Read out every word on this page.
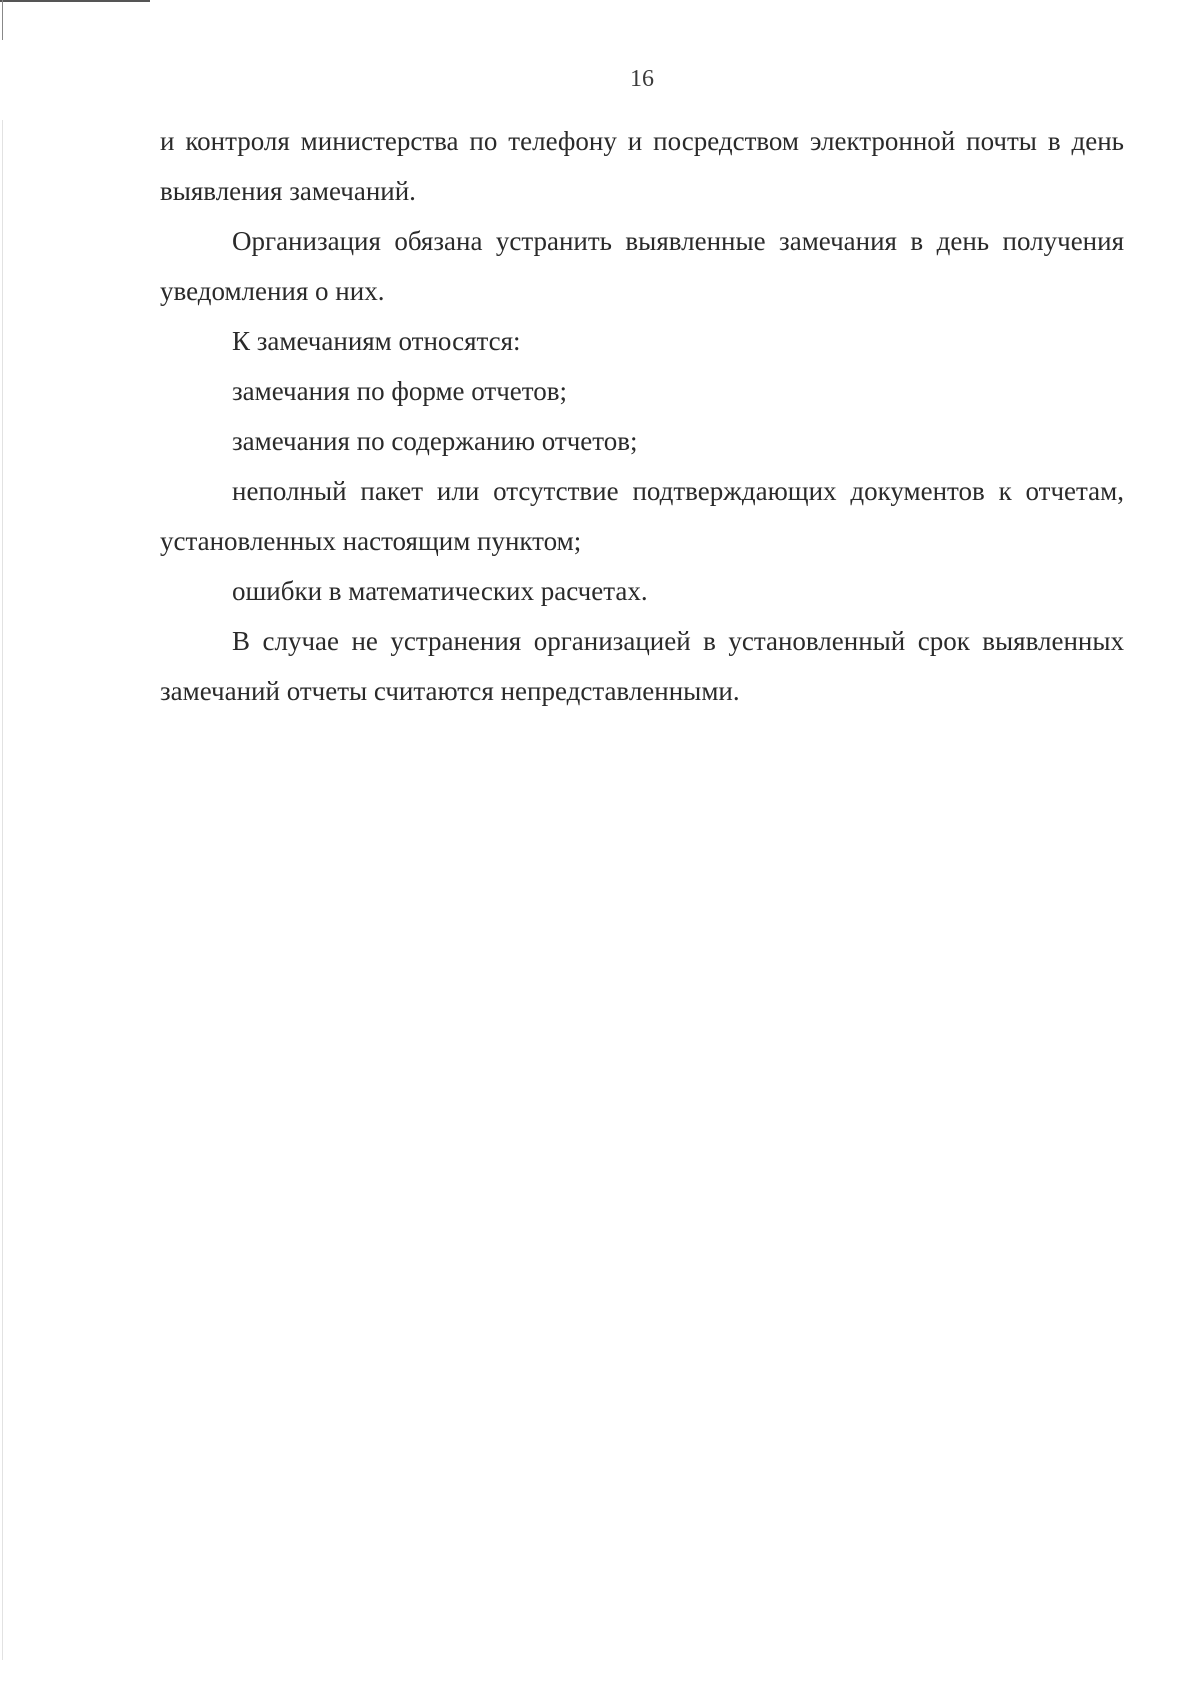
16

и контроля министерства по телефону и посредством электронной почты в день выявления замечаний.

Организация обязана устранить выявленные замечания в день получения уведомления о них.

К замечаниям относятся:

замечания по форме отчетов;

замечания по содержанию отчетов;

неполный пакет или отсутствие подтверждающих документов к отчетам, установленных настоящим пунктом;

ошибки в математических расчетах.

В случае не устранения организацией в установленный срок выявленных замечаний отчеты считаются непредставленными.
